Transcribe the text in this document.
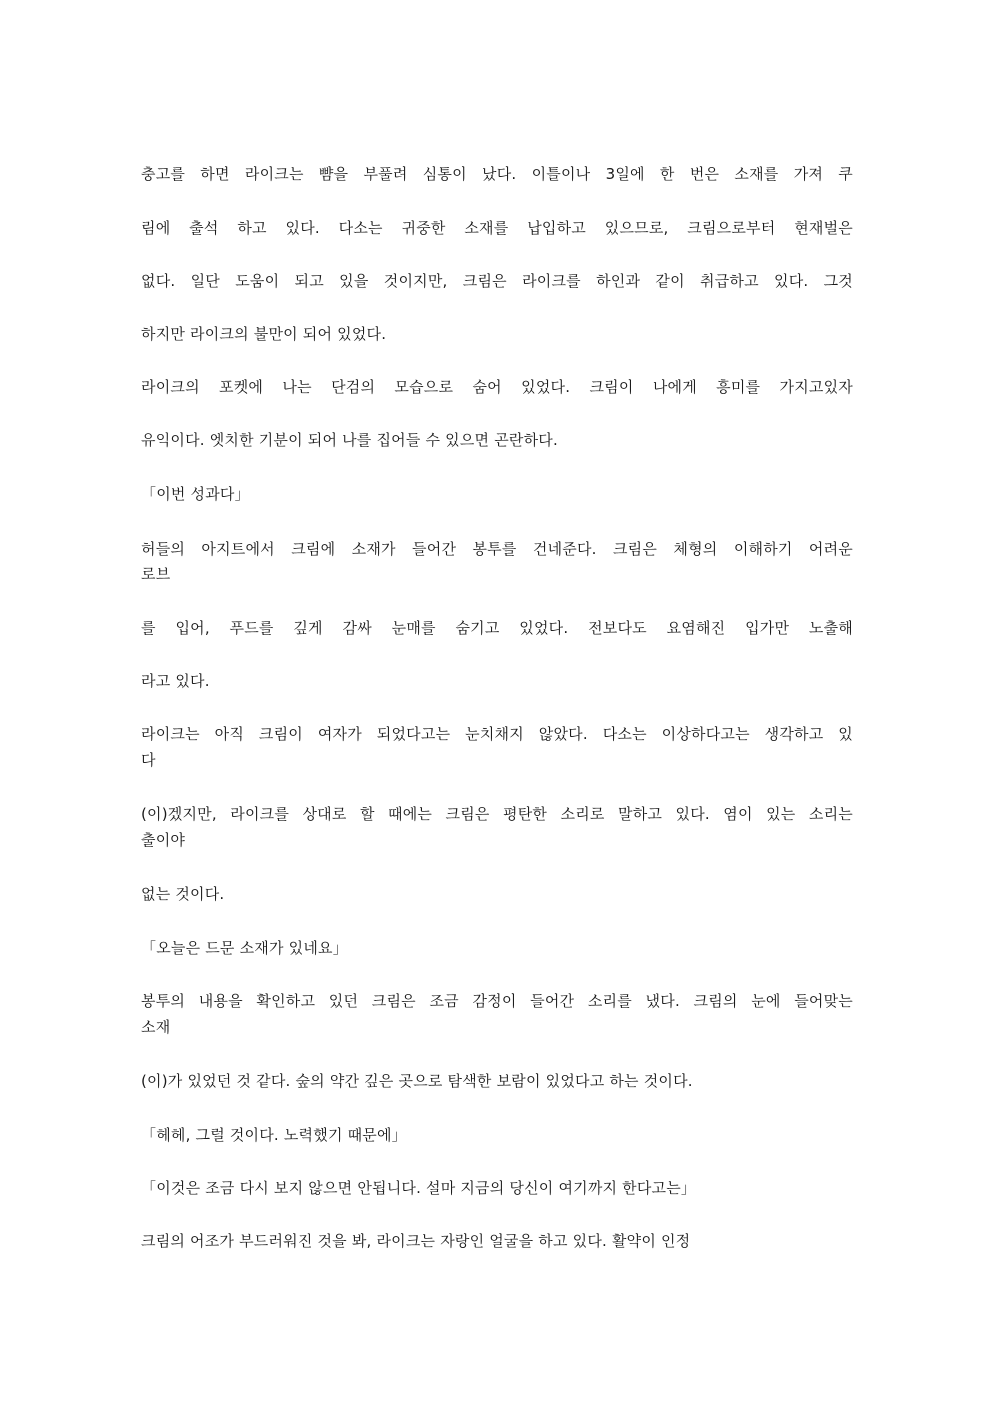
충고를 하면 라이크는 뺨을 부풀려 심통이 났다. 이틀이나 3일에 한 번은 소재를 가져 쿠
림에 출석 하고 있다. 다소는 귀중한 소재를 납입하고 있으므로, 크림으로부터 현재벌은
없다. 일단 도움이 되고 있을 것이지만, 크림은 라이크를 하인과 같이 취급하고 있다. 그것
하지만 라이크의 불만이 되어 있었다.
라이크의 포켓에 나는 단검의 모습으로 숨어 있었다. 크림이 나에게 흥미를 가지고있자
유익이다. 엣치한 기분이 되어 나를 집어들 수 있으면 곤란하다.
「이번 성과다」
허들의 아지트에서 크림에 소재가 들어간 봉투를 건네준다. 크림은 체형의 이해하기 어려운
로브
를 입어, 푸드를 깊게 감싸 눈매를 숨기고 있었다. 전보다도 요염해진 입가만 노출해
라고 있다.
라이크는 아직 크림이 여자가 되었다고는 눈치채지 않았다. 다소는 이상하다고는 생각하고 있
다
(이)겠지만, 라이크를 상대로 할 때에는 크림은 평탄한 소리로 말하고 있다. 염이 있는 소리는
출이야
없는 것이다.
「오늘은 드문 소재가 있네요」
봉투의 내용을 확인하고 있던 크림은 조금 감정이 들어간 소리를 냈다. 크림의 눈에 들어맞는
소재
(이)가 있었던 것 같다. 숲의 약간 깊은 곳으로 탐색한 보람이 있었다고 하는 것이다.
「헤헤, 그럴 것이다. 노력했기 때문에」
「이것은 조금 다시 보지 않으면 안됩니다. 설마 지금의 당신이 여기까지 한다고는」
크림의 어조가 부드러워진 것을 봐, 라이크는 자랑인 얼굴을 하고 있다. 활약이 인정
